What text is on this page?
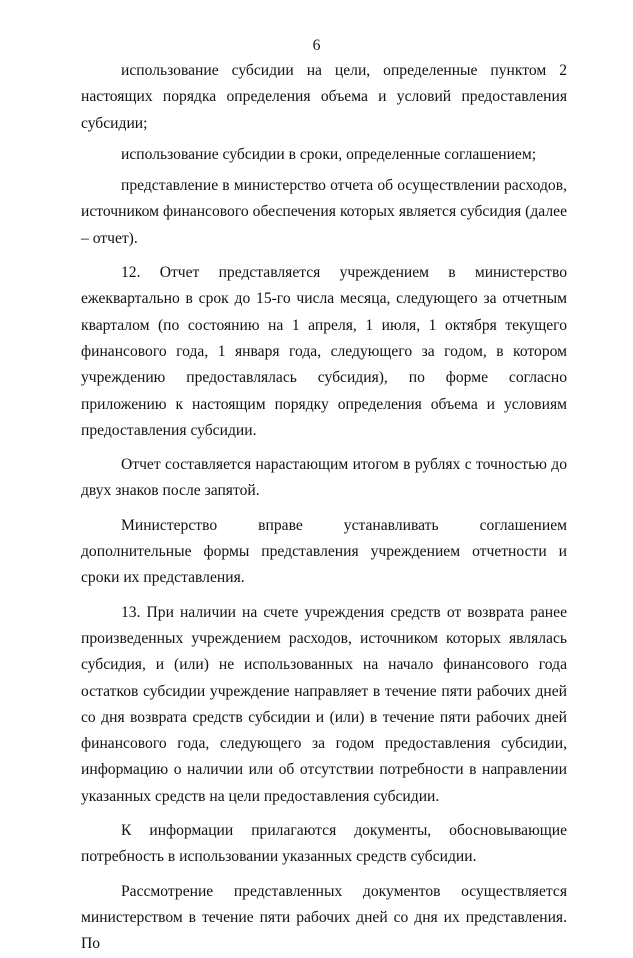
6

использование субсидии на цели, определенные пунктом 2 настоящих порядка определения объема и условий предоставления субсидии;

использование субсидии в сроки, определенные соглашением;

представление в министерство отчета об осуществлении расходов, источником финансового обеспечения которых является субсидия (далее – отчет).

12. Отчет представляется учреждением в министерство ежеквартально в срок до 15-го числа месяца, следующего за отчетным кварталом (по состоянию на 1 апреля, 1 июля, 1 октября текущего финансового года, 1 января года, следующего за годом, в котором учреждению предоставлялась субсидия), по форме согласно приложению к настоящим порядку определения объема и условиям предоставления субсидии.

Отчет составляется нарастающим итогом в рублях с точностью до двух знаков после запятой.

Министерство вправе устанавливать соглашением дополнительные формы представления учреждением отчетности и сроки их представления.

13. При наличии на счете учреждения средств от возврата ранее произведенных учреждением расходов, источником которых являлась субсидия, и (или) не использованных на начало финансового года остатков субсидии учреждение направляет в течение пяти рабочих дней со дня возврата средств субсидии и (или) в течение пяти рабочих дней финансового года, следующего за годом предоставления субсидии, информацию о наличии или об отсутствии потребности в направлении указанных средств на цели предоставления субсидии.

К информации прилагаются документы, обосновывающие потребность в использовании указанных средств субсидии.

Рассмотрение представленных документов осуществляется министерством в течение пяти рабочих дней со дня их представления. По
